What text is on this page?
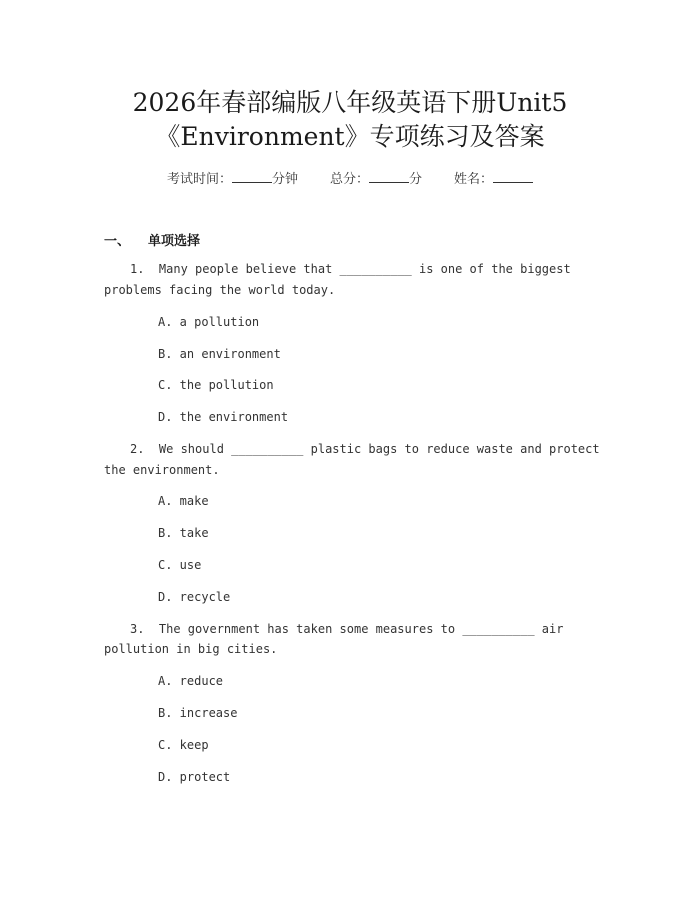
2026年春部编版八年级英语下册Unit5
《Environment》专项练习及答案
考试时间：	分钟 总分：	分 姓名：
一、 单项选择
1.  Many people believe that __________ is one of the biggest
problems facing the world today.
A. a pollution
B. an environment
C. the pollution
D. the environment
2.  We should __________ plastic bags to reduce waste and protect
the environment.
A. make
B. take
C. use
D. recycle
3.  The government has taken some measures to __________ air
pollution in big cities.
A. reduce
B. increase
C. keep
D. protect
